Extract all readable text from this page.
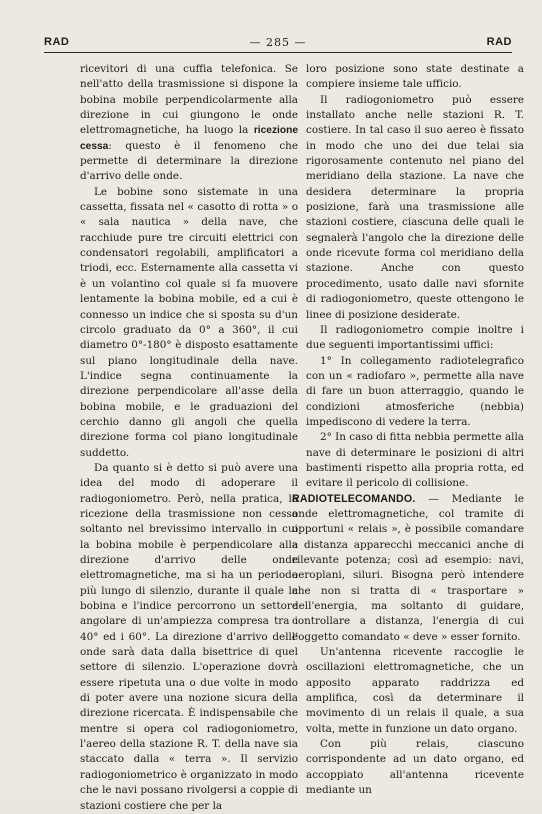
RAD	— 285 —	RAD

ricevitori di una cuffia telefonica. Se nell'atto della trasmissione si dispone la bobina mobile perpendicolarmente alla direzione in cui giungono le onde elettromagnetiche, ha luogo la ricezione cessa: questo è il fenomeno che permette di determinare la direzione d'arrivo delle onde.

Le bobine sono sistemate in una cassetta, fissata nel « casotto di rotta » o « sala nautica » della nave, che racchiude pure tre circuiti elettrici con condensatori regolabili, amplificatori a triodi, ecc. Esternamente alla cassetta vi è un volantino col quale si fa muovere lentamente la bobina mobile, ed a cui è connesso un indice che si sposta su d'un circolo graduato da 0° a 360°, il cui diametro 0°-180° è disposto esattamente sul piano longitudinale della nave. L'indice segna continuamente la direzione perpendicolare all'asse della bobina mobile, e le graduazioni del cerchio danno gli angoli che quella direzione forma col piano longitudinale suddetto.

Da quanto si è detto si può avere una idea del modo di adoperare il radiogoniometro. Però, nella pratica, la ricezione della trasmissione non cessa soltanto nel brevissimo intervallo in cui la bobina mobile è perpendicolare alla direzione d'arrivo delle onde elettromagnetiche, ma si ha un periodo più lungo di silenzio, durante il quale la bobina e l'indice percorrono un settore angolare di un'ampiezza compresa tra i 40° ed i 60°. La direzione d'arrivo delle onde sarà data dalla bisettrice di quel settore di silenzio. L'operazione dovrà essere ripetuta una o due volte in modo di poter avere una nozione sicura della direzione ricercata. È indispensabile che mentre si opera col radiogoniometro, l'aereo della stazione R. T. della nave sia staccato dalla « terra ». Il servizio radiogoniometrico è organizzato in modo che le navi possano rivolgersi a coppie di stazioni costiere che per la

loro posizione sono state destinate a compiere insieme tale ufficio.

Il radiogoniometro può essere installato anche nelle stazioni R. T. costiere. In tal caso il suo aereo è fissato in modo che uno dei due telai sia rigorosamente contenuto nel piano del meridiano della stazione. La nave che desidera determinare la propria posizione, farà una trasmissione alle stazioni costiere, ciascuna delle quali le segnalerà l'angolo che la direzione delle onde ricevute forma col meridiano della stazione. Anche con questo procedimento, usato dalle navi sfornite di radiogoniometro, queste ottengono le linee di posizione desiderate.

Il radiogoniometro compie inoltre i due seguenti importantissimi uffici:

1° In collegamento radiotelegrafico con un « radiofaro », permette alla nave di fare un buon atterraggio, quando le condizioni atmosferiche (nebbia) impediscono di vedere la terra.

2° In caso di fitta nebbia permette alla nave di determinare le posizioni di altri bastimenti rispetto alla propria rotta, ed evitare il pericolo di collisione.

RADIOTELECOMANDO. — Mediante le onde elettromagnetiche, col tramite di opportuni « relais », è possibile comandare a distanza apparecchi meccanici anche di rilevante potenza; così ad esempio: navi, aeroplani, siluri. Bisogna però intendere che non si tratta di « trasportare » dell'energia, ma soltanto di guidare, controllare a distanza, l'energia di cui l'oggetto comandato « deve » esser fornito.

Un'antenna ricevente raccoglie le oscillazioni elettromagnetiche, che un apposito apparato raddrizza ed amplifica, così da determinare il movimento di un relais il quale, a sua volta, mette in funzione un dato organo.

Con più relais, ciascuno corrispondente ad un dato organo, ed accoppiato all'antenna ricevente mediante un
